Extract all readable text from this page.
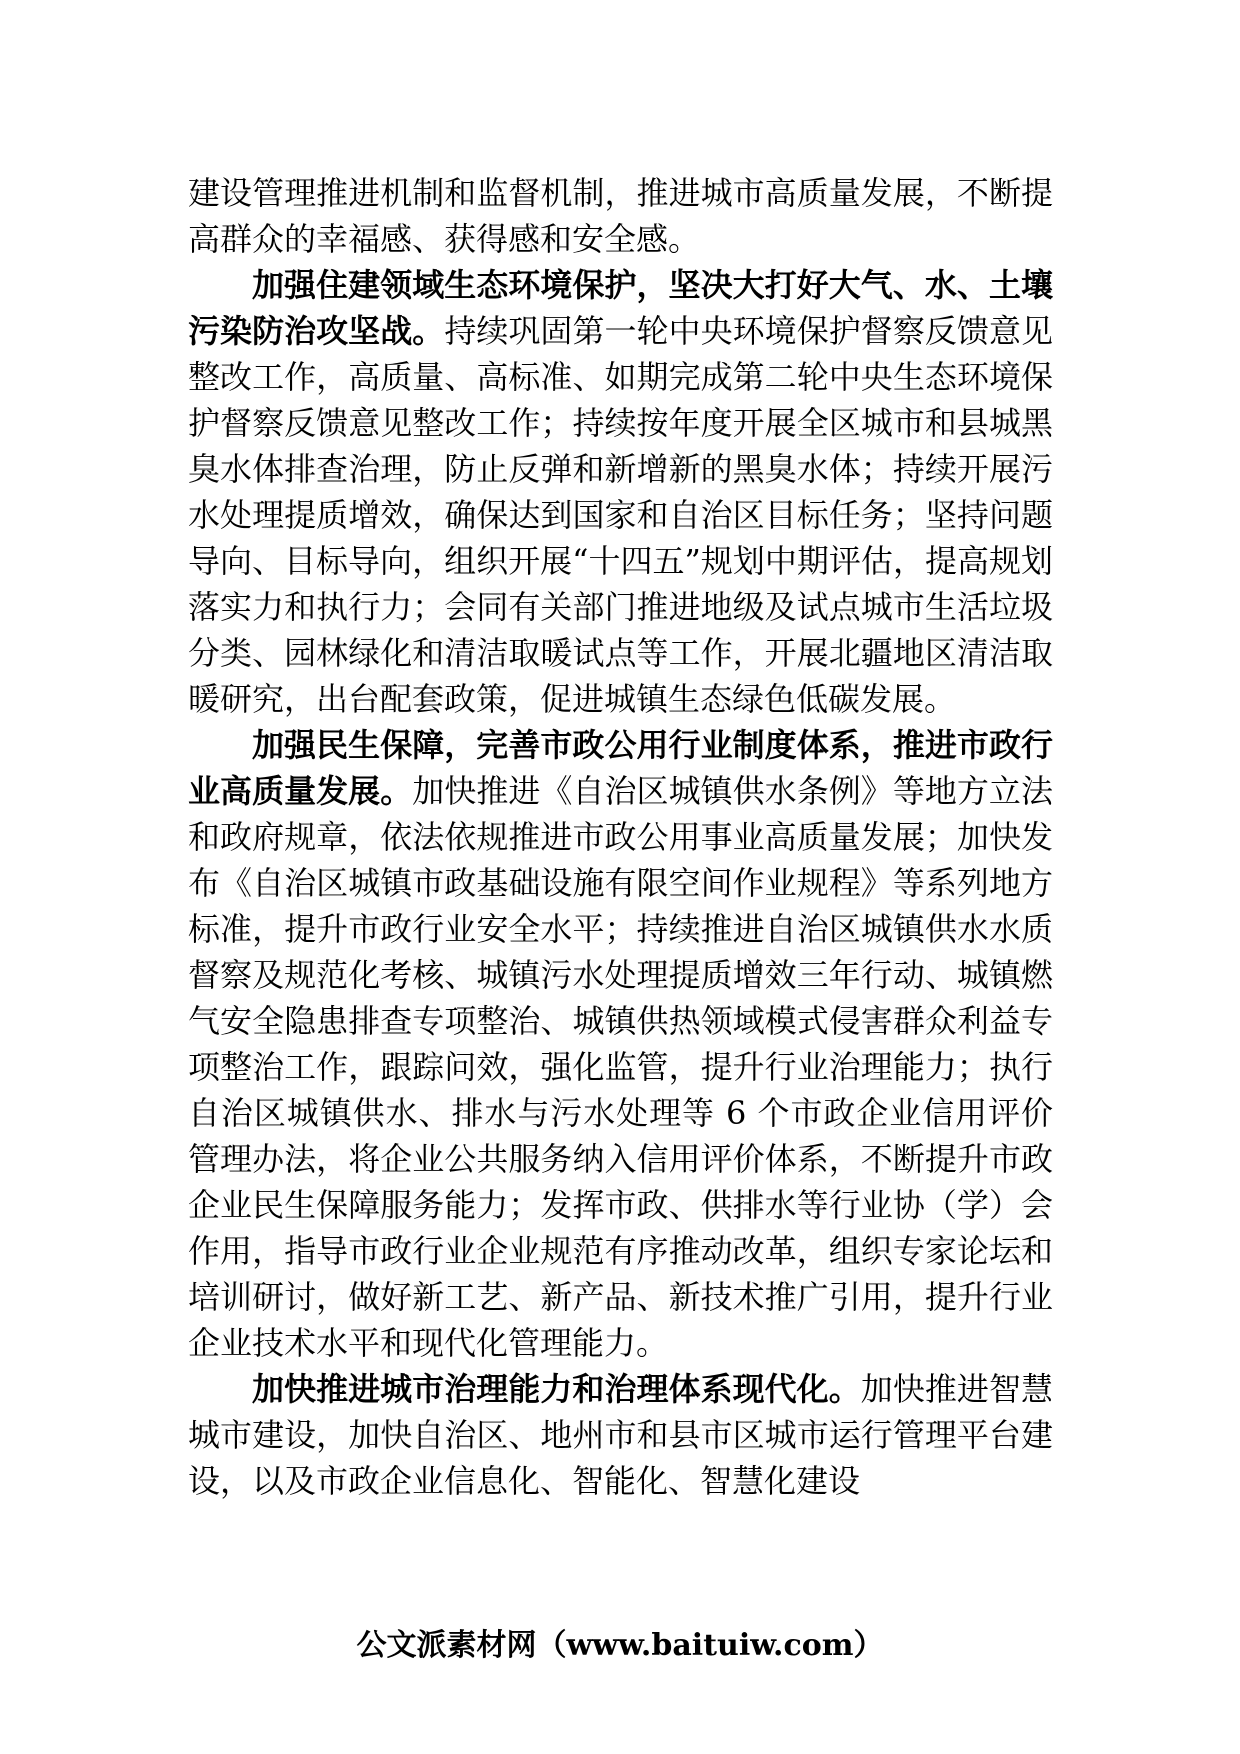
建设管理推进机制和监督机制，推进城市高质量发展，不断提高群众的幸福感、获得感和安全感。

加强住建领域生态环境保护，坚决大打好大气、水、土壤污染防治攻坚战。持续巩固第一轮中央环境保护督察反馈意见整改工作，高质量、高标准、如期完成第二轮中央生态环境保护督察反馈意见整改工作；持续按年度开展全区城市和县城黑臭水体排查治理，防止反弹和新增新的黑臭水体；持续开展污水处理提质增效，确保达到国家和自治区目标任务；坚持问题导向、目标导向，组织开展“十四五”规划中期评估，提高规划落实力和执行力；会同有关部门推进地级及试点城市生活垃圾分类、园林绿化和清洁取暖试点等工作，开展北疆地区清洁取暖研究，出台配套政策，促进城镇生态绿色低碳发展。

加强民生保障，完善市政公用行业制度体系，推进市政行业高质量发展。加快推进《自治区城镇供水条例》等地方立法和政府规章，依法依规推进市政公用事业高质量发展；加快发布《自治区城镇市政基础设施有限空间作业规程》等系列地方标准，提升市政行业安全水平；持续推进自治区城镇供水水质督察及规范化考核、城镇污水处理提质增效三年行动、城镇燃气安全隐患排查专项整治、城镇供热领域模式侵害群众利益专项整治工作，跟踪问效，强化监管，提升行业治理能力；执行自治区城镇供水、排水与污水处理等 6 个市政企业信用评价管理办法，将企业公共服务纳入信用评价体系，不断提升市政企业民生保障服务能力；发挥市政、供排水等行业协（学）会作用，指导市政行业企业规范有序推动改革，组织专家论坛和培训研讨，做好新工艺、新产品、新技术推广引用，提升行业企业技术水平和现代化管理能力。

加快推进城市治理能力和治理体系现代化。加快推进智慧城市建设，加快自治区、地州市和县市区城市运行管理平台建设，以及市政企业信息化、智能化、智慧化建设

公文派素材网（www.baituiw.com）
